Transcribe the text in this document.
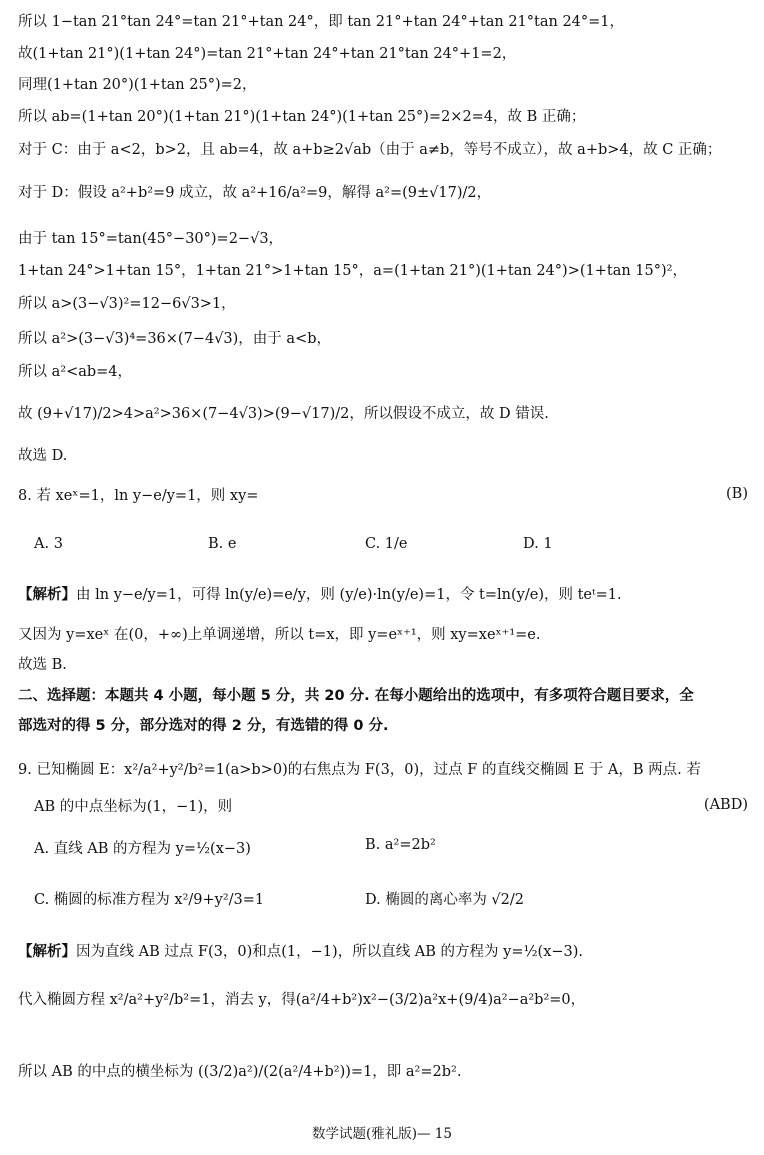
所以 1−tan 21°tan 24°=tan 21°+tan 24°，即 tan 21°+tan 24°+tan 21°tan 24°=1，
故(1+tan 21°)(1+tan 24°)=tan 21°+tan 24°+tan 21°tan 24°+1=2，
同理(1+tan 20°)(1+tan 25°)=2，
所以 ab=(1+tan 20°)(1+tan 21°)(1+tan 24°)(1+tan 25°)=2×2=4，故 B 正确；
对于 C：由于 a<2，b>2，且 ab=4，故 a+b≥2√ab（由于 a≠b，等号不成立），故 a+b>4，故 C 正确；
对于 D：假设 a²+b²=9 成立，故 a²+16/a²=9，解得 a²=(9±√17)/2，
由于 tan 15°=tan(45°−30°)=2−√3，
1+tan 24°>1+tan 15°，1+tan 21°>1+tan 15°，a=(1+tan 21°)(1+tan 24°)>(1+tan 15°)²，
所以 a>(3−√3)²=12−6√3>1，
所以 a²>(3−√3)⁴=36×(7−4√3)，由于 a<b，
所以 a²<ab=4，
故 (9+√17)/2>4>a²>36×(7−4√3)>(9−√17)/2，所以假设不成立，故 D 错误.
故选 D.
8. 若 xeˣ=1，ln y−e/y=1，则 xy=	(B)
A. 3	B. e	C. 1/e	D. 1
【解析】由 ln y−e/y=1，可得 ln(y/e)=e/y，则 (y/e)·ln(y/e)=1，令 t=ln(y/e)，则 teᵗ=1.
又因为 y=xeˣ 在(0，+∞)上单调递增，所以 t=x，即 y=eˣ⁺¹，则 xy=xeˣ⁺¹=e.
故选 B.
二、选择题：本题共 4 小题，每小题 5 分，共 20 分. 在每小题给出的选项中，有多项符合题目要求，全
部选对的得 5 分，部分选对的得 2 分，有选错的得 0 分.
9. 已知椭圆 E：x²/a²+y²/b²=1(a>b>0)的右焦点为 F(3，0)，过点 F 的直线交椭圆 E 于 A，B 两点. 若
AB 的中点坐标为(1，−1)，则	(ABD)
A. 直线 AB 的方程为 y=½(x−3)	B. a²=2b²
C. 椭圆的标准方程为 x²/9+y²/3=1	D. 椭圆的离心率为 √2/2
【解析】因为直线 AB 过点 F(3，0)和点(1，−1)，所以直线 AB 的方程为 y=½(x−3).
代入椭圆方程 x²/a²+y²/b²=1，消去 y，得(a²/4+b²)x²−(3/2)a²x+(9/4)a²−a²b²=0，
所以 AB 的中点的横坐标为 ((3/2)a²)/(2(a²/4+b²))=1，即 a²=2b².
数学试题(雅礼版)— 15
